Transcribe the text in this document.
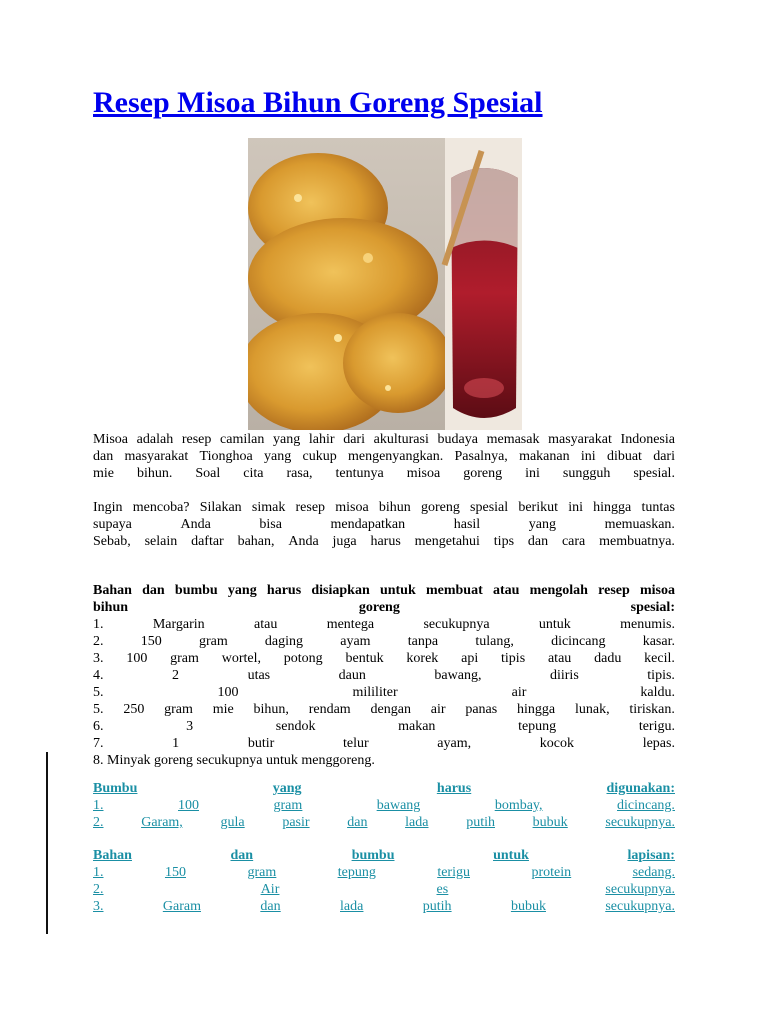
Resep Misoa Bihun Goreng Spesial
Misoa adalah resep camilan yang lahir dari akulturasi budaya memasak masyarakat Indonesia
dan masyarakat Tionghoa yang cukup mengenyangkan. Pasalnya, makanan ini dibuat dari
mie bihun. Soal cita rasa, tentunya misoa goreng ini sungguh spesial.
Ingin mencoba? Silakan simak resep misoa bihun goreng spesial berikut ini hingga tuntas
supaya	Anda	bisa	mendapatkan	hasil	yang	memuaskan.
Sebab, selain daftar bahan, Anda juga harus mengetahui tips dan cara membuatnya.
Bahan dan bumbu yang harus disiapkan untuk membuat atau mengolah resep misoa
bihun	goreng	spesial:
1.	Margarin	atau	mentega	secukupnya	untuk	menumis.
2.	150	gram	daging	ayam	tanpa	tulang,	dicincang	kasar.
3. 100 gram wortel, potong bentuk korek api tipis atau dadu kecil.
4.	2	utas	daun	bawang,	diiris	tipis.
5.	100	mililiter	air	kaldu.
5. 250 gram mie bihun, rendam dengan air panas hingga lunak, tiriskan.
6.	3	sendok	makan	tepung	terigu.
7.	1	butir	telur	ayam,	kocok	lepas.
8. Minyak goreng secukupnya untuk menggoreng.
Bumbu	yang	harus	digunakan:
1.	100	gram	bawang	bombay,	dicincang.
2.	Garam,	gula	pasir	dan	lada	putih	bubuk	secukupnya.
Bahan	dan	bumbu	untuk	lapisan:
1.	150	gram	tepung	terigu	protein	sedang.
2.	Air	es	secukupnya.
3.	Garam	dan	lada	putih	bubuk	secukupnya.
